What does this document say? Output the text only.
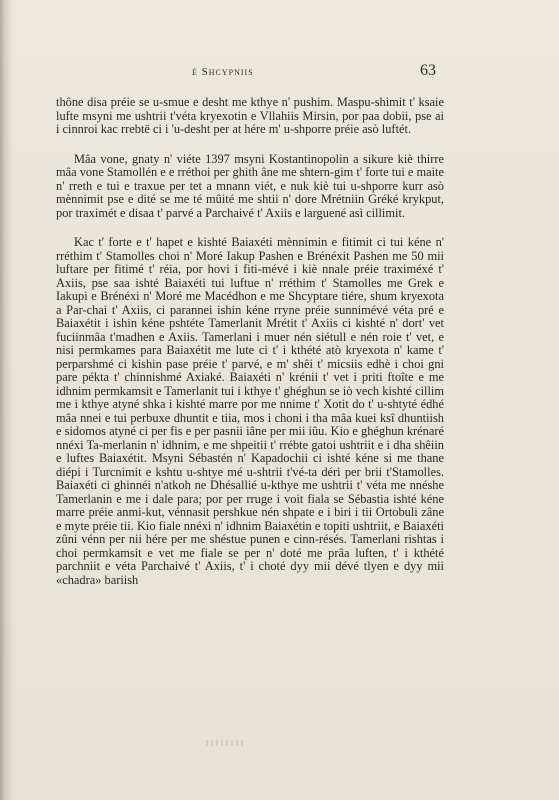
é Shcypniis	63

thône disa préie se u-smue e desht me kthye n' pushim. Maspu-shimit t' ksaie lufte msyni me ushtrii t'véta kryexotin e Vllahiis Mirsin, por paa dobii, pse ai i cinnroi kac rrebtë ci i 'u-desht per at hére m' u-shporre préie asò luftét.

Mâa vone, gnaty n' viéte 1397 msyni Kostantinopolin a sikure kiè thirre mâa vone Stamollén e e rréthoi per ghith âne me shtern-gim t' forte tui e maite n' rreth e tui e traxue per tet a mnann viét, e nuk kiè tui u-shporre kurr asò mènnimit pse e dité se me té mûité me shtii n' dore Mrétniin Gréké krykput, por traximét e disaa t' parvé a Parchaivé t' Axiis e larguené asì cillimit.

Kac t' forte e t' hapet e kishté Baiaxéti mènnimin e fitimit ci tui kéne n' rréthim t' Stamolles choi n' Moré Iakup Pashen e Brénéxit Pashen me 50 mii luftare per fitimé t' réia, por hovi i fiti-mévé i kiè nnale préie traximéxé t' Axiis, pse saa ishté Baiaxéti tui luftue n' rréthim t' Stamolles me Grek e Iakupi e Brénéxi n' Moré me Macédhon e me Shcyptare tiére, shum kryexota a Par-chai t' Axiis, ci parannei ishin kéne rryne préie sunnimévé véta pré e Baiaxétit i ishin kéne pshtéte Tamerlanit Mrétit t' Axiis ci kishté n' dort' vet fuciinmâa t'madhen e Axiis. Tamerlani i muer nén siétull e nén roie t' vet, e nisi permkames para Baiaxétit me lute ci t' i kthété atò kryexota n' kame t' perparshmé ci kishin pase préie t' parvé, e m' shêi t' micsiis edhè i choi gni pare pékta t' chinnishmé Axiaké. Baiaxéti n' krénii t' vet i priti ftoîte e me idhnim permkamsit e Tamerlanit tui i kthye t' ghéghun se iò vech kishté cillim me i kthye atyné shka i kishté marre por me nnime t' Xotit do t' u-shtyté édhé mâa nnei e tui perbuxe dhuntit e tiia, mos i choni i tha mâa kuei ksî dhuntiish e sidomos atyné ci per fis e per pasnii iâne per mii iûu. Kio e ghéghun krénaré nnéxi Ta-merlanin n' idhnim, e me shpeitii t' rrébte gatoi ushtriit e i dha shêiin e luftes Baiaxétit. Msyni Sébastén n' Kapadochii ci ishté kéne si me thane diépi i Turcnimit e kshtu u-shtye mé u-shtrii t'vé-ta déri per brii t'Stamolles. Baiaxéti ci ghinnéi n'atkoh ne Dhésallié u-kthye me ushtrii t' véta me nnéshe Tamerlanin e me i dale para; por per rruge i voit fiala se Sébastia ishté kéne marre préie anmi-kut, vénnasit pershkue nén shpate e i biri i tii Ortobuli zâne e myte préie tii. Kio fiale nnéxi n' idhnim Baiaxétin e topiti ushtriit, e Baiaxéti zûni vénn per nii hére per me shéstue punen e cinn-résés. Tamerlani rishtas i choi permkamsit e vet me fiale se per n' doté me prâa luften, t' i kthété parchniit e véta Parchaivé t' Axiis, t' i choté dyy mii dévé tlyen e dyy mii «chadra» bariish
